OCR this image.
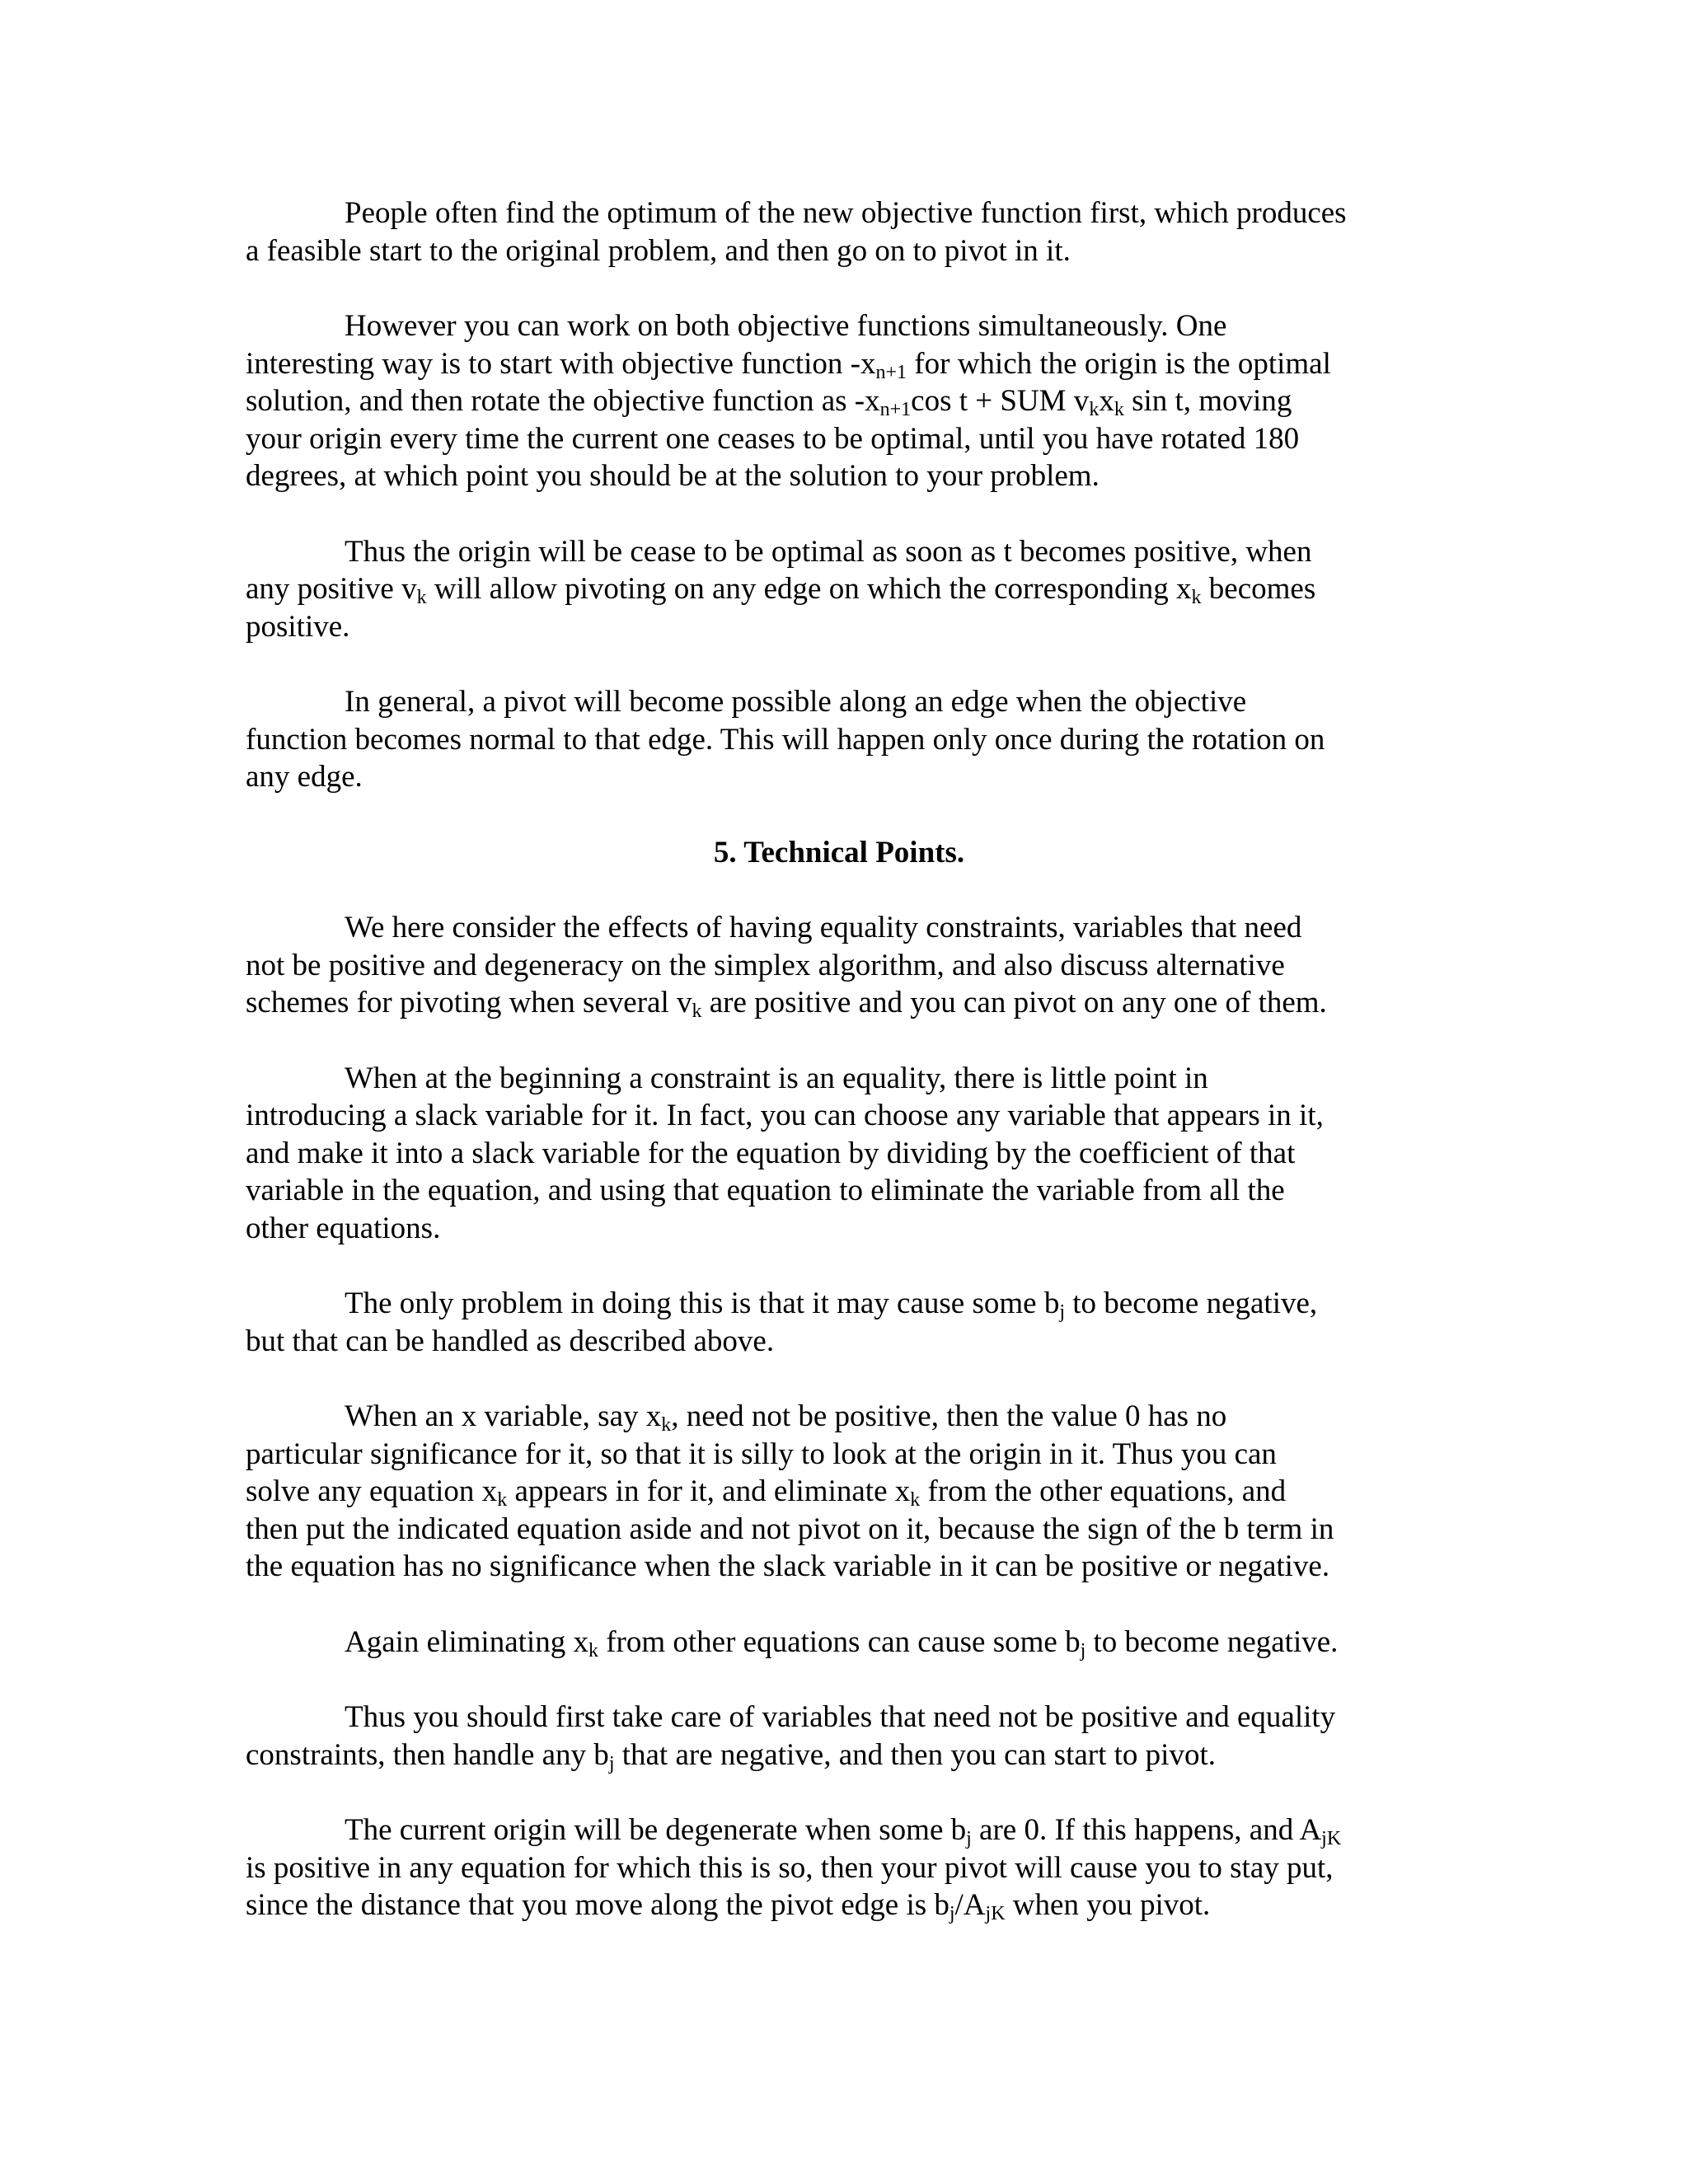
People often find the optimum of the new objective function first, which produces
a feasible start to the original problem, and then go on to pivot in it.
However you can work on both objective functions simultaneously. One
interesting way is to start with objective function $-x_{n+1}$ for which the origin is the optimal
solution, and then rotate the objective function as $-x_{n+1}\cos$ t + SUM $v_kx_k$ sin t, moving
your origin every time the current one ceases to be optimal, until you have rotated 180
degrees, at which point you should be at the solution to your problem.
Thus the origin will be cease to be optimal as soon as t becomes positive, when
any positive $v_k$ will allow pivoting on any edge on which the corresponding $x_k$ becomes
positive.
In general, a pivot will become possible along an edge when the objective
function becomes normal to that edge. This will happen only once during the rotation on
any edge.
5. Technical Points.
We here consider the effects of having equality constraints, variables that need
not be positive and degeneracy on the simplex algorithm, and also discuss alternative
schemes for pivoting when several $v_k$ are positive and you can pivot on any one of them.
When at the beginning a constraint is an equality, there is little point in
introducing a slack variable for it. In fact, you can choose any variable that appears in it,
and make it into a slack variable for the equation by dividing by the coefficient of that
variable in the equation, and using that equation to eliminate the variable from all the
other equations.
The only problem in doing this is that it may cause some $b_j$ to become negative,
but that can be handled as described above.
When an x variable, say $x_k$, need not be positive, then the value 0 has no
particular significance for it, so that it is silly to look at the origin in it. Thus you can
solve any equation $x_k$ appears in for it, and eliminate $x_k$ from the other equations, and
then put the indicated equation aside and not pivot on it, because the sign of the b term in
the equation has no significance when the slack variable in it can be positive or negative.
Again eliminating $x_k$ from other equations can cause some $b_j$ to become negative.
Thus you should first take care of variables that need not be positive and equality
constraints, then handle any $b_j$ that are negative, and then you can start to pivot.
The current origin will be degenerate when some $b_j$ are 0. If this happens, and $A_{jK}$
is positive in any equation for which this is so, then your pivot will cause you to stay put,
since the distance that you move along the pivot edge is $b_j/A_{jK}$ when you pivot.
